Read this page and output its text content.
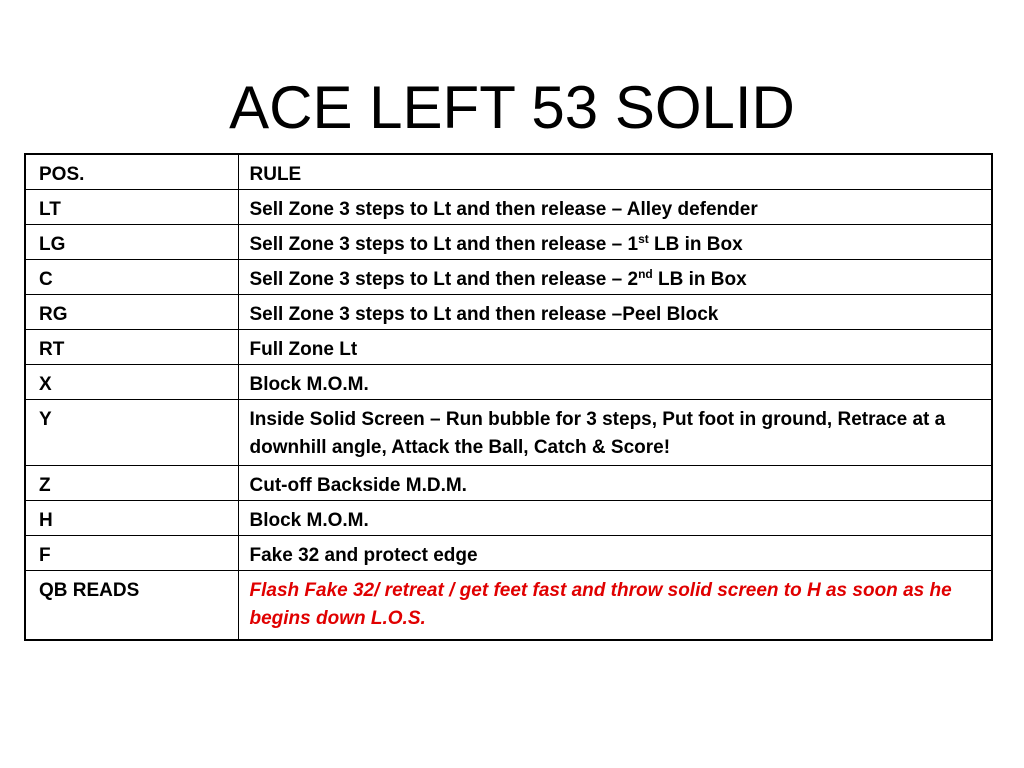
ACE LEFT 53 SOLID
POS.	RULE
LT	Sell Zone 3 steps to Lt and then release – Alley defender
LG	Sell Zone 3 steps to Lt and then release – 1st LB in Box
C	Sell Zone 3 steps to Lt and then release – 2nd LB in Box
RG	Sell Zone 3 steps to Lt and then release –Peel Block
RT	Full Zone Lt
X	Block M.O.M.
Y	Inside Solid Screen – Run bubble for 3 steps, Put foot in ground, Retrace at a downhill angle, Attack the Ball, Catch & Score!
Z	Cut-off Backside M.D.M.
H	Block M.O.M.
F	Fake 32 and protect edge
QB READS	Flash Fake 32/ retreat / get feet fast and throw solid screen to H as soon as he begins down L.O.S.
